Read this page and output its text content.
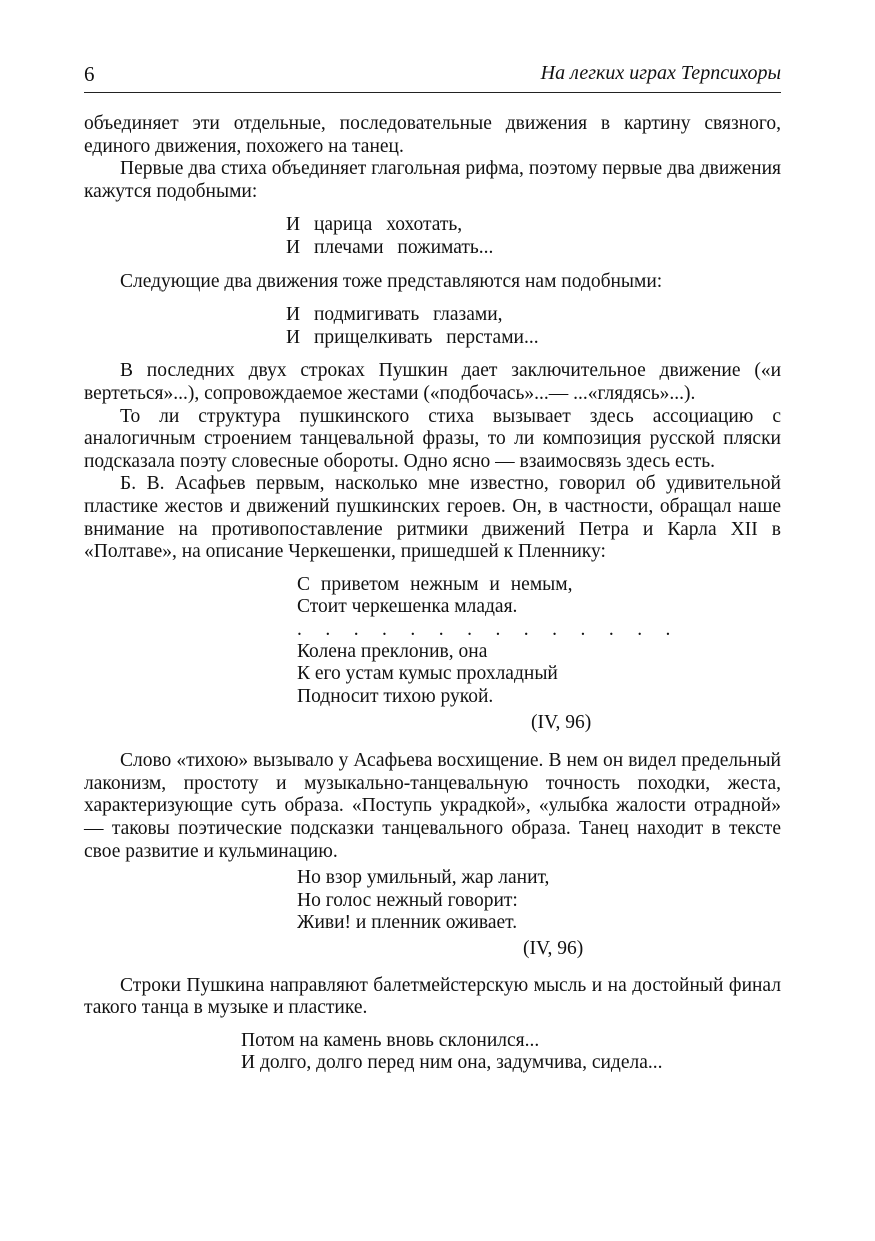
6	На легких играх Терпсихоры

объединяет эти отдельные, последовательные движения в картину связного, единого движения, похожего на танец.

Первые два стиха объединяет глагольная рифма, поэтому первые два движения кажутся подобными:

И царица хохотать,
И плечами пожимать...

Следующие два движения тоже представляются нам подобными:

И подмигивать глазами,
И прищелкивать перстами...

В последних двух строках Пушкин дает заключительное движение («и вертеться»...), сопровождаемое жестами («подбочась»...— ...«глядясь»...).

То ли структура пушкинского стиха вызывает здесь ассоциацию с аналогичным строением танцевальной фразы, то ли композиция русской пляски подсказала поэту словесные обороты. Одно ясно — взаимосвязь здесь есть.

Б. В. Асафьев первым, насколько мне известно, говорил об удивительной пластике жестов и движений пушкинских героев. Он, в частности, обращал наше внимание на противопоставление ритмики движений Петра и Карла XII в «Полтаве», на описание Черкешенки, пришедшей к Пленнику:

С приветом нежным и немым,
Стоит черкешенка младая.
. . . . . . . . . . . . . .
Колена преклонив, она
К его устам кумыс прохладный
Подносит тихою рукой.
(IV, 96)

Слово «тихою» вызывало у Асафьева восхищение. В нем он видел предельный лаконизм, простоту и музыкально-танцевальную точность походки, жеста, характеризующие суть образа. «Поступь украдкой», «улыбка жалости отрадной» — таковы поэтические подсказки танцевального образа. Танец находит в тексте свое развитие и кульминацию.

Но взор умильный, жар ланит,
Но голос нежный говорит:
Живи! и пленник оживает.
(IV, 96)

Строки Пушкина направляют балетмейстерскую мысль и на достойный финал такого танца в музыке и пластике.

Потом на камень вновь склонился...
И долго, долго перед ним она, задумчива, сидела...
